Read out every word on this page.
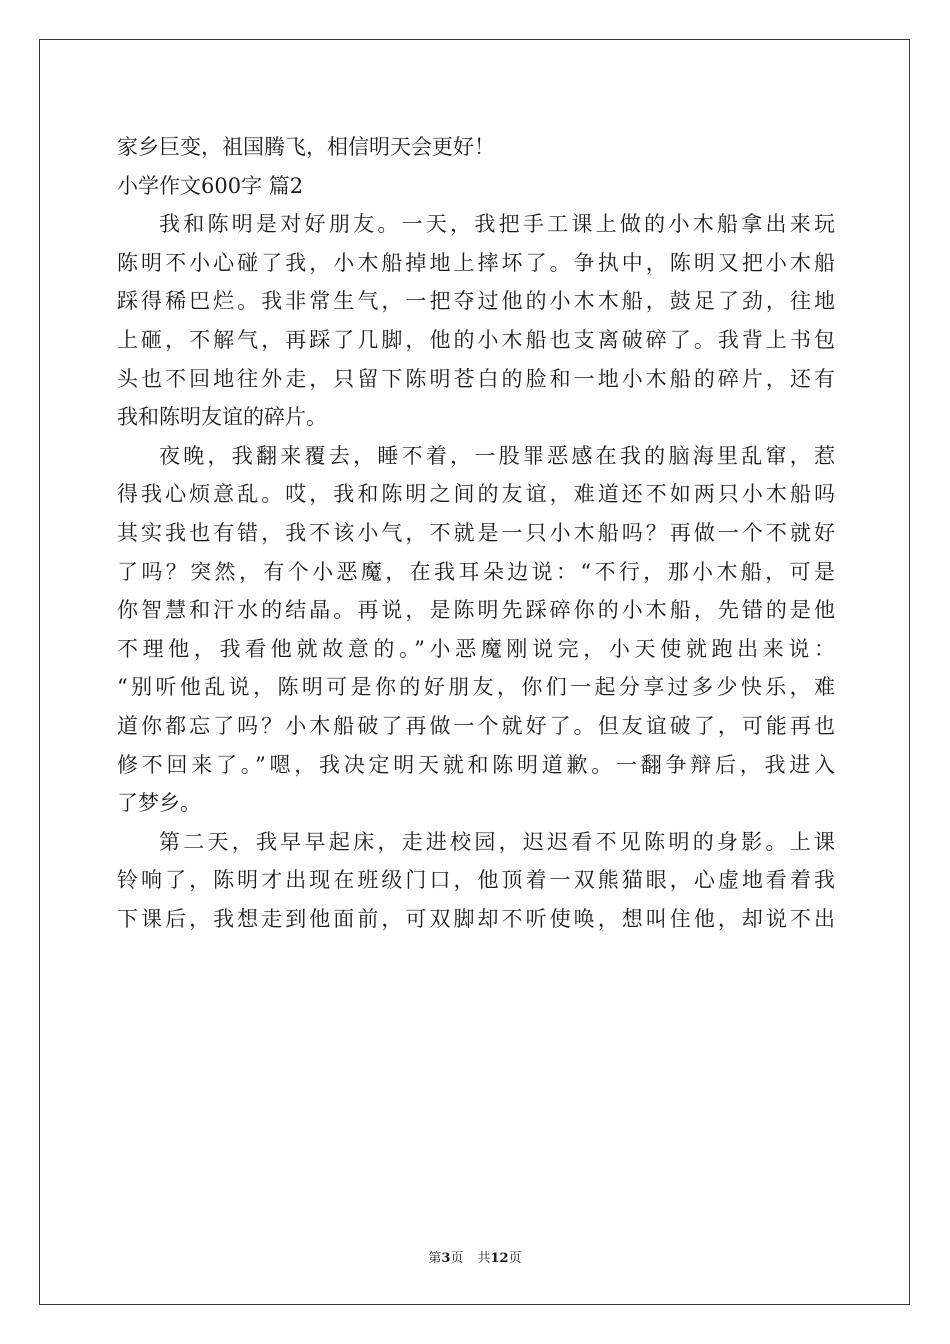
家乡巨变，祖国腾飞，相信明天会更好！
小学作文600字 篇2
我和陈明是对好朋友。一天，我把手工课上做的小木船拿出来玩
陈明不小心碰了我，小木船掉地上摔坏了。争执中，陈明又把小木船
踩得稀巴烂。我非常生气，一把夺过他的小木木船，鼓足了劲，往地
上砸，不解气，再踩了几脚，他的小木船也支离破碎了。我背上书包
头也不回地往外走，只留下陈明苍白的脸和一地小木船的碎片，还有
我和陈明友谊的碎片。
夜晚，我翻来覆去，睡不着，一股罪恶感在我的脑海里乱窜，惹
得我心烦意乱。哎，我和陈明之间的友谊，难道还不如两只小木船吗
其实我也有错，我不该小气，不就是一只小木船吗？再做一个不就好
了吗？突然，有个小恶魔，在我耳朵边说：“不行，那小木船，可是
你智慧和汗水的结晶。再说，是陈明先踩碎你的小木船，先错的是他
不理他，我看他就故意的。”小恶魔刚说完，小天使就跑出来说：
“别听他乱说，陈明可是你的好朋友，你们一起分享过多少快乐，难
道你都忘了吗？小木船破了再做一个就好了。但友谊破了，可能再也
修不回来了。”嗯，我决定明天就和陈明道歉。一翻争辩后，我进入
了梦乡。
第二天，我早早起床，走进校园，迟迟看不见陈明的身影。上课
铃响了，陈明才出现在班级门口，他顶着一双熊猫眼，心虚地看着我
下课后，我想走到他面前，可双脚却不听使唤，想叫住他，却说不出
第3页 共12页
